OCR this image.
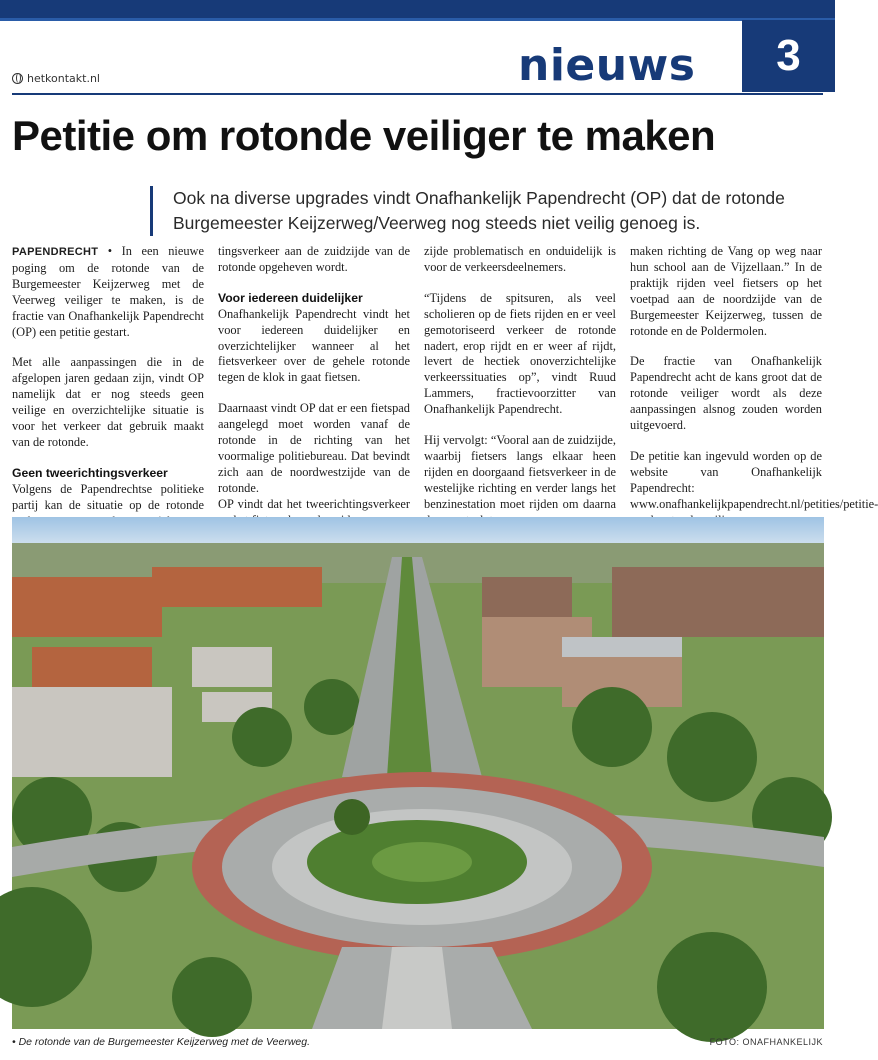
hetkontakt.nl	nieuws	3
Petitie om rotonde veiliger te maken
Ook na diverse upgrades vindt Onafhankelijk Papendrecht (OP) dat de rotonde Burgemeester Keijzerweg/Veerweg nog steeds niet veilig genoeg is.

PAPENDRECHT • In een nieuwe poging om de rotonde van de Burgemeester Keijzerweg met de Veerweg veiliger te maken, is de fractie van Onafhankelijk Papendrecht (OP) een petitie gestart.

Met alle aanpassingen die in de afgelopen jaren gedaan zijn, vindt OP namelijk dat er nog steeds geen veilige en overzichtelijke situatie is voor het verkeer dat gebruik maakt van de rotonde.

Geen tweerichtingsverkeer

Volgens de Papendrechtse politieke partij kan de situatie op de rotonde

tingsverkeer aan de zuidzijde van de rotonde opgeheven wordt.

Voor iedereen duidelijker

Onafhankelijk Papendrecht vindt het voor iedereen duidelijker en overzichtelijker wanneer al het fietsverkeer over de gehele rotonde tegen de klok in gaat fietsen.

Daarnaast vindt OP dat er een fietspad aangelegd moet worden vanaf de rotonde in de richting van het voormalige politiebureau. Dat bevindt zich aan de noordwestzijde van de rotonde.

OP vindt dat het tweerichtingsverkeer

zijde problematisch en onduidelijk is voor de verkeersdeelnemers.

“Tijdens de spitsuren, als veel scholieren op de fiets rijden en er veel gemotoriseerd verkeer de rotonde nadert, erop rijdt en er weer af rijdt, levert de hectiek onoverzichtelijke verkeerssituaties op”, vindt Ruud Lammers, fractievoorzitter van Onafhankelijk Papendrecht.

Hij vervolgt: “Vooral aan de zuidzijde, waarbij fietsers langs elkaar heen rijden en doorgaand fietsverkeer in de westelijke richting en verder langs het benzinestation moet rijden om daarna

maken richting de Vang op weg naar hun school aan de Vijzellaan.” In de praktijk rijden veel fietsers op het voetpad aan de noordzijde van de Burgemeester Keijzerweg, tussen de rotonde en de Poldermolen.

De fractie van Onafhankelijk Papendrecht acht de kans groot dat de rotonde veiliger wordt als deze aanpassingen alsnog zouden worden uitgevoerd.

De petitie kan ingevuld worden op de website van Onafhankelijk Papendrecht: www.onafhankelijkpapendrecht.nl/petities/petitie-

• De rotonde van de Burgemeester Keijzerweg met de Veerweg.	FOTO: ONAFHANKELIJK
